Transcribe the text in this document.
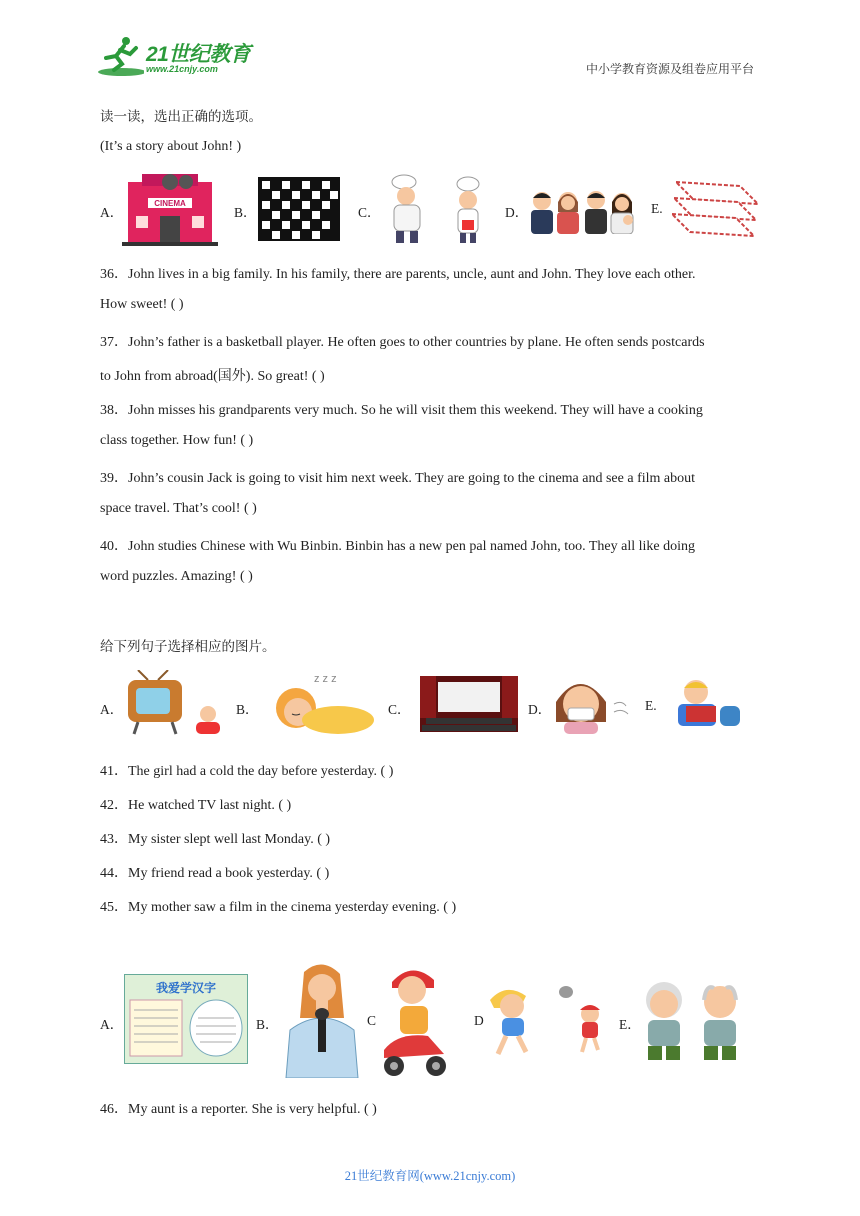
21世纪教育
www.21cnjy.com	中小学教育资源及组卷应用平台
读一读，选出正确的选项。
(It’s a story about John! )
A．
CINEMA
B．	C．	D．	E.
36．John lives in a big family. In his family, there are parents, uncle, aunt and John. They love each other.
How sweet! ( )
37．John’s father is a basketball player. He often goes to other countries by plane. He often sends postcards
to John from abroad(国外). So great! ( )
38．John misses his grandparents very much. So he will visit them this weekend. They will have a cooking
class together. How fun! ( )
39．John’s cousin Jack is going to visit him next week. They are going to the cinema and see a film about
space travel. That’s cool! ( )
40．John studies Chinese with Wu Binbin. Binbin has a new pen pal named John, too. They all like doing
word puzzles. Amazing! ( )
给下列句子选择相应的图片。
A．	B．
z z z
C．	D．	E.
41．The girl had a cold the day before yesterday. ( )
42．He watched TV last night. ( )
43．My sister slept well last Monday. ( )
44．My friend read a book yesterday. ( )
45．My mother saw a film in the cinema yesterday evening. ( )
A．
我爱学汉字
B．	C	D	E．
46．My aunt is a reporter. She is very helpful. ( )
21世纪教育网(www.21cnjy.com)
